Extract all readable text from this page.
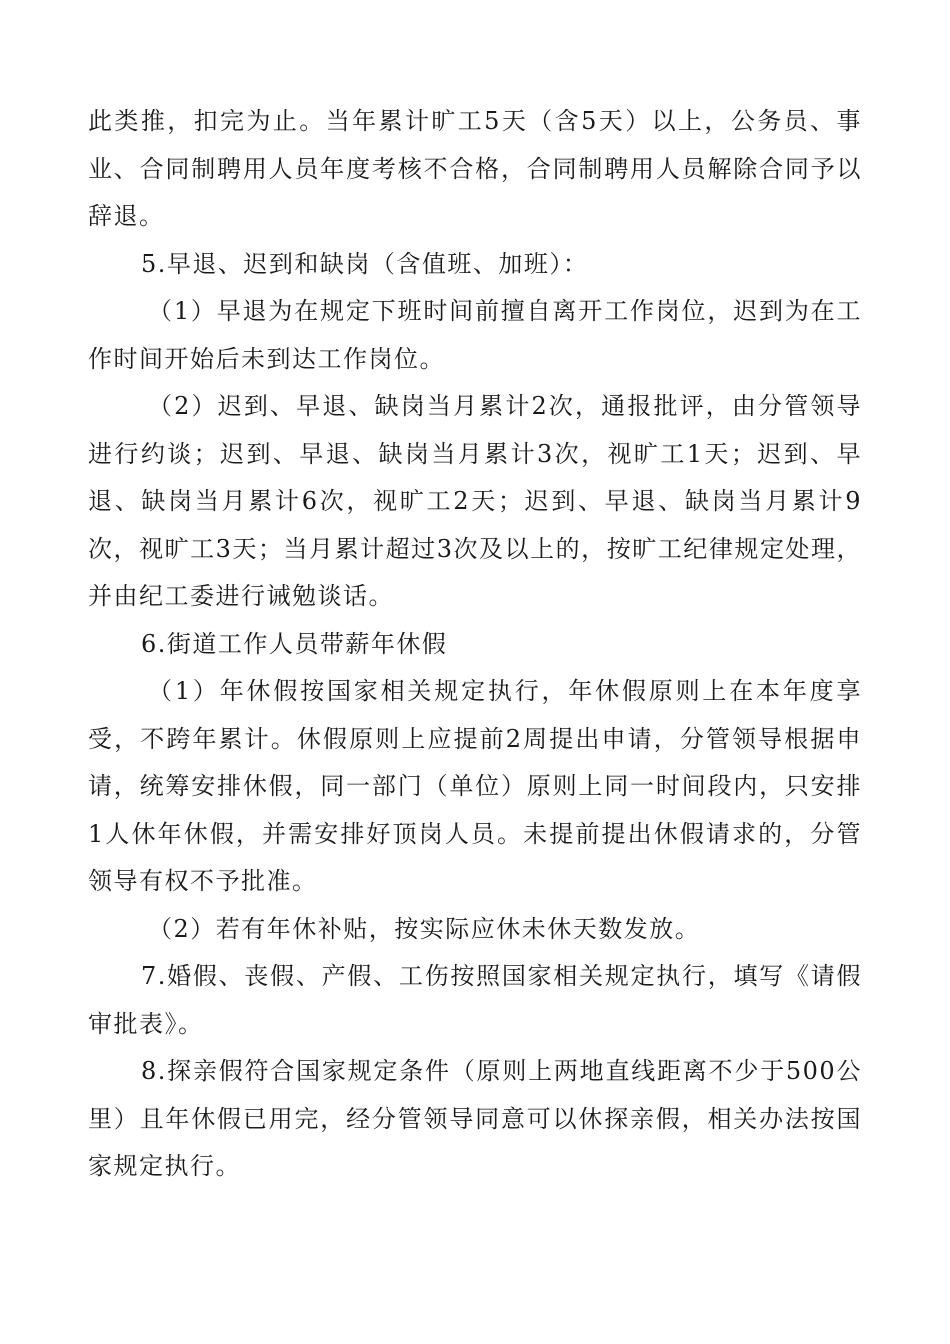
此类推，扣完为止。当年累计旷工5天（含5天）以上，公务员、事业、合同制聘用人员年度考核不合格，合同制聘用人员解除合同予以辞退。

5.早退、迟到和缺岗（含值班、加班）：

（1）早退为在规定下班时间前擅自离开工作岗位，迟到为在工作时间开始后未到达工作岗位。

（2）迟到、早退、缺岗当月累计2次，通报批评，由分管领导进行约谈；迟到、早退、缺岗当月累计3次，视旷工1天；迟到、早退、缺岗当月累计6次，视旷工2天；迟到、早退、缺岗当月累计9次，视旷工3天；当月累计超过3次及以上的，按旷工纪律规定处理，并由纪工委进行诫勉谈话。

6.街道工作人员带薪年休假

（1）年休假按国家相关规定执行，年休假原则上在本年度享受，不跨年累计。休假原则上应提前2周提出申请，分管领导根据申请，统筹安排休假，同一部门（单位）原则上同一时间段内，只安排1人休年休假，并需安排好顶岗人员。未提前提出休假请求的，分管领导有权不予批准。

（2）若有年休补贴，按实际应休未休天数发放。

7.婚假、丧假、产假、工伤按照国家相关规定执行，填写《请假审批表》。

8.探亲假符合国家规定条件（原则上两地直线距离不少于500公里）且年休假已用完，经分管领导同意可以休探亲假，相关办法按国家规定执行。
